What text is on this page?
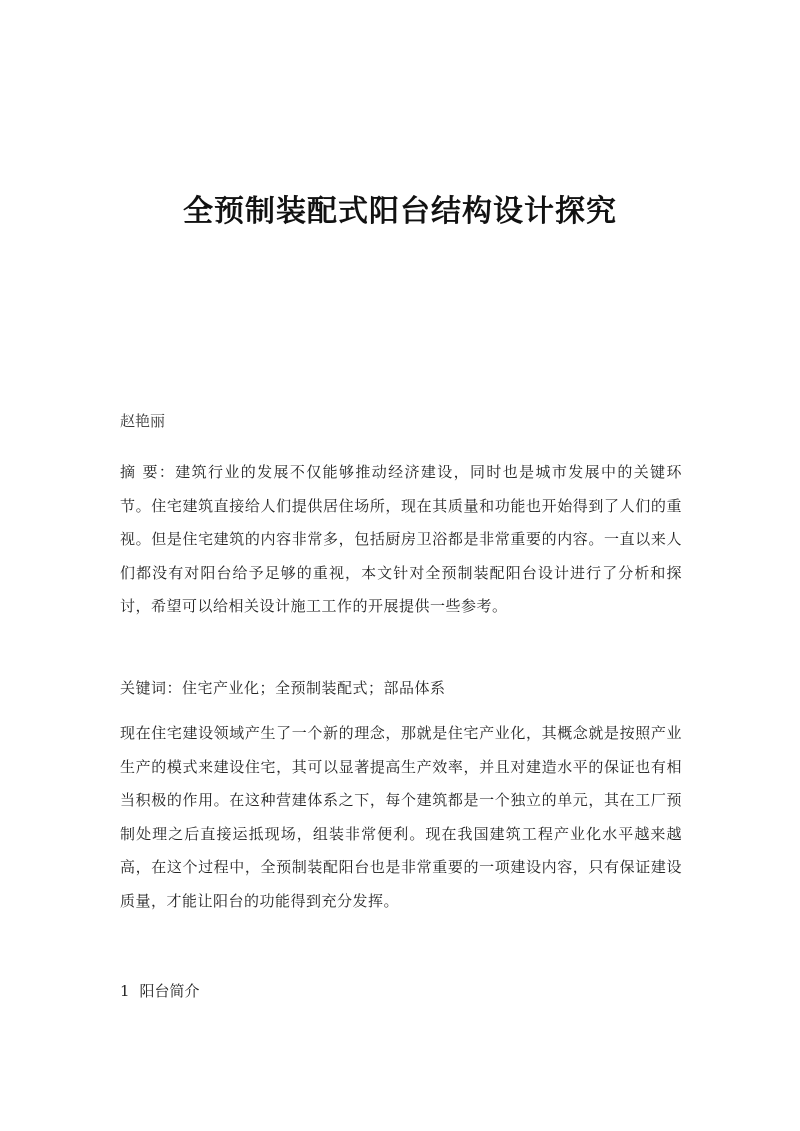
全预制装配式阳台结构设计探究
赵艳丽
摘 要：建筑行业的发展不仅能够推动经济建设，同时也是城市发展中的关键环节。住宅建筑直接给人们提供居住场所，现在其质量和功能也开始得到了人们的重视。但是住宅建筑的内容非常多，包括厨房卫浴都是非常重要的内容。一直以来人们都没有对阳台给予足够的重视，本文针对全预制装配阳台设计进行了分析和探讨，希望可以给相关设计施工工作的开展提供一些参考。
关键词：住宅产业化；全预制装配式；部品体系
现在住宅建设领域产生了一个新的理念，那就是住宅产业化，其概念就是按照产业生产的模式来建设住宅，其可以显著提高生产效率，并且对建造水平的保证也有相当积极的作用。在这种营建体系之下，每个建筑都是一个独立的单元，其在工厂预制处理之后直接运抵现场，组装非常便利。现在我国建筑工程产业化水平越来越高，在这个过程中，全预制装配阳台也是非常重要的一项建设内容，只有保证建设质量，才能让阳台的功能得到充分发挥。
1 阳台简介
